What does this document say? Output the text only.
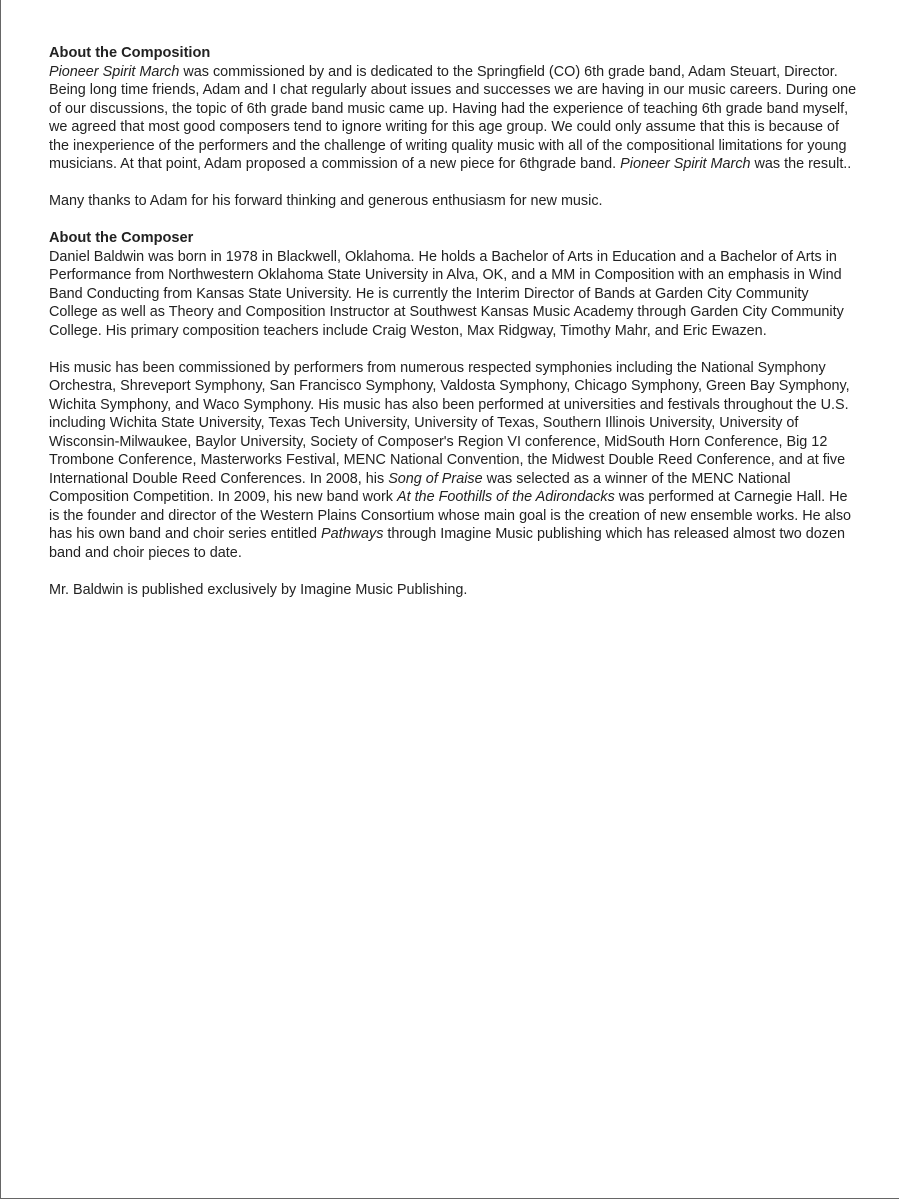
About the Composition

Pioneer Spirit March was commissioned by and is dedicated to the Springfield (CO) 6th grade band, Adam Steuart, Director. Being long time friends, Adam and I chat regularly about issues and successes we are having in our music careers. During one of our discussions, the topic of 6th grade band music came up. Having had the experience of teaching 6th grade band myself, we agreed that most good composers tend to ignore writing for this age group. We could only assume that this is because of the inexperience of the performers and the challenge of writing quality music with all of the compositional limitations for young musicians. At that point, Adam proposed a commission of a new piece for 6thgrade band. Pioneer Spirit March was the result..

Many thanks to Adam for his forward thinking and generous enthusiasm for new music.

About the Composer

Daniel Baldwin was born in 1978 in Blackwell, Oklahoma. He holds a Bachelor of Arts in Education and a Bachelor of Arts in Performance from Northwestern Oklahoma State University in Alva, OK, and a MM in Composition with an emphasis in Wind Band Conducting from Kansas State University. He is currently the Interim Director of Bands at Garden City Community College as well as Theory and Composition Instructor at Southwest Kansas Music Academy through Garden City Community College. His primary composition teachers include Craig Weston, Max Ridgway, Timothy Mahr, and Eric Ewazen.

His music has been commissioned by performers from numerous respected symphonies including the National Symphony Orchestra, Shreveport Symphony, San Francisco Symphony, Valdosta Symphony, Chicago Symphony, Green Bay Symphony, Wichita Symphony, and Waco Symphony. His music has also been performed at universities and festivals throughout the U.S. including Wichita State University, Texas Tech University, University of Texas, Southern Illinois University, University of Wisconsin-Milwaukee, Baylor University, Society of Composer's Region VI conference, MidSouth Horn Conference, Big 12 Trombone Conference, Masterworks Festival, MENC National Convention, the Midwest Double Reed Conference, and at five International Double Reed Conferences. In 2008, his Song of Praise was selected as a winner of the MENC National Composition Competition. In 2009, his new band work At the Foothills of the Adirondacks was performed at Carnegie Hall. He is the founder and director of the Western Plains Consortium whose main goal is the creation of new ensemble works. He also has his own band and choir series entitled Pathways through Imagine Music publishing which has released almost two dozen band and choir pieces to date.

Mr. Baldwin is published exclusively by Imagine Music Publishing.
